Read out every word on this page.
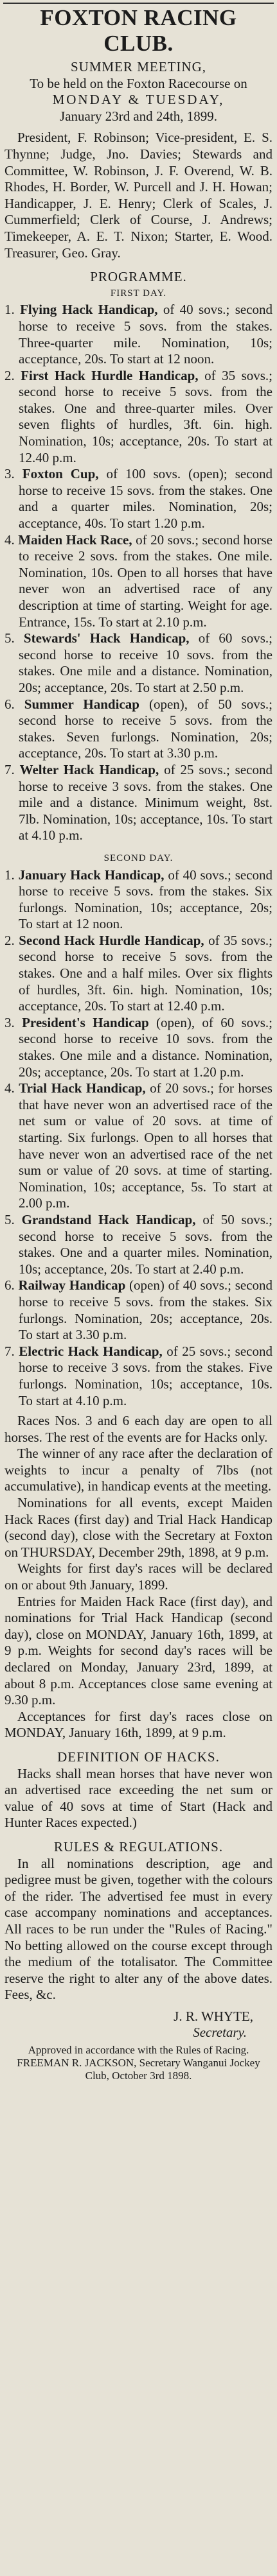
FOXTON RACING CLUB.
SUMMER MEETING,
To be held on the Foxton Racecourse on
MONDAY & TUESDAY,
January 23rd and 24th, 1899.

President, F. Robinson; Vice-president, E. S. Thynne; Judge, Jno. Davies; Stewards and Committee, W. Robinson, J. F. Overend, W. B. Rhodes, H. Border, W. Purcell and J. H. Howan; Handicapper, J. E. Henry; Clerk of Scales, J. Cummerfield; Clerk of Course, J. Andrews; Timekeeper, A. E. T. Nixon; Starter, E. Wood. Treasurer, Geo. Gray.

PROGRAMME.
FIRST DAY.

1. Flying Hack Handicap, of 40 sovs.; second horse to receive 5 sovs. from the stakes. Three-quarter mile. Nomination, 10s; acceptance, 20s. To start at 12 noon.

2. First Hack Hurdle Handicap, of 35 sovs.; second horse to receive 5 sovs. from the stakes. One and three-quarter miles. Over seven flights of hurdles, 3ft. 6in. high. Nomination, 10s; acceptance, 20s. To start at 12.40 p.m.

3. Foxton Cup, of 100 sovs. (open); second horse to receive 15 sovs. from the stakes. One and a quarter miles. Nomination, 20s; acceptance, 40s. To start 1.20 p.m.

4. Maiden Hack Race, of 20 sovs.; second horse to receive 2 sovs. from the stakes. One mile. Nomination, 10s. Open to all horses that have never won an advertised race of any description at time of starting. Weight for age. Entrance, 15s. To start at 2.10 p.m.

5. Stewards' Hack Handicap, of 60 sovs.; second horse to receive 10 sovs. from the stakes. One mile and a distance. Nomination, 20s; acceptance, 20s. To start at 2.50 p.m.

6. Summer Handicap (open), of 50 sovs.; second horse to receive 5 sovs. from the stakes. Seven furlongs. Nomination, 20s; acceptance, 20s. To start at 3.30 p.m.

7. Welter Hack Handicap, of 25 sovs.; second horse to receive 3 sovs. from the stakes. One mile and a distance. Minimum weight, 8st. 7lb. Nomination, 10s; acceptance, 10s. To start at 4.10 p.m.

SECOND DAY.

1. January Hack Handicap, of 40 sovs.; second horse to receive 5 sovs. from the stakes. Six furlongs. Nomination, 10s; acceptance, 20s; To start at 12 noon.

2. Second Hack Hurdle Handicap, of 35 sovs.; second horse to receive 5 sovs. from the stakes. One and a half miles. Over six flights of hurdles, 3ft. 6in. high. Nomination, 10s; acceptance, 20s. To start at 12.40 p.m.

3. President's Handicap (open), of 60 sovs.; second horse to receive 10 sovs. from the stakes. One mile and a distance. Nomination, 20s; acceptance, 20s. To start at 1.20 p.m.

4. Trial Hack Handicap, of 20 sovs.; for horses that have never won an advertised race of the net sum or value of 20 sovs. at time of starting. Six furlongs. Open to all horses that have never won an advertised race of the net sum or value of 20 sovs. at time of starting. Nomination, 10s; acceptance, 5s. To start at 2.00 p.m.

5. Grandstand Hack Handicap, of 50 sovs.; second horse to receive 5 sovs. from the stakes. One and a quarter miles. Nomination, 10s; acceptance, 20s. To start at 2.40 p.m.

6. Railway Handicap (open) of 40 sovs.; second horse to receive 5 sovs. from the stakes. Six furlongs. Nomination, 20s; acceptance, 20s. To start at 3.30 p.m.

7. Electric Hack Handicap, of 25 sovs.; second horse to receive 3 sovs. from the stakes. Five furlongs. Nomination, 10s; acceptance, 10s. To start at 4.10 p.m.

Races Nos. 3 and 6 each day are open to all horses. The rest of the events are for Hacks only.

The winner of any race after the declaration of weights to incur a penalty of 7lbs (not accumulative), in handicap events at the meeting.

Nominations for all events, except Maiden Hack Races (first day) and Trial Hack Handicap (second day), close with the Secretary at Foxton on THURSDAY, December 29th, 1898, at 9 p.m.

Weights for first day's races will be declared on or about 9th January, 1899.

Entries for Maiden Hack Race (first day), and nominations for Trial Hack Handicap (second day), close on MONDAY, January 16th, 1899, at 9 p.m. Weights for second day's races will be declared on Monday, January 23rd, 1899, at about 8 p.m. Acceptances close same evening at 9.30 p.m.

Acceptances for first day's races close on MONDAY, January 16th, 1899, at 9 p.m.

DEFINITION OF HACKS.

Hacks shall mean horses that have never won an advertised race exceeding the net sum or value of 40 sovs at time of Start (Hack and Hunter Races expected.)

RULES & REGULATIONS.

In all nominations description, age and pedigree must be given, together with the colours of the rider. The advertised fee must in every case accompany nominations and acceptances. All races to be run under the "Rules of Racing." No betting allowed on the course except through the medium of the totalisator. The Committee reserve the right to alter any of the above dates. Fees, &c.

J. R. WHYTE,
Secretary.

Approved in accordance with the Rules of Racing. FREEMAN R. JACKSON, Secretary Wanganui Jockey Club, October 3rd 1898.
